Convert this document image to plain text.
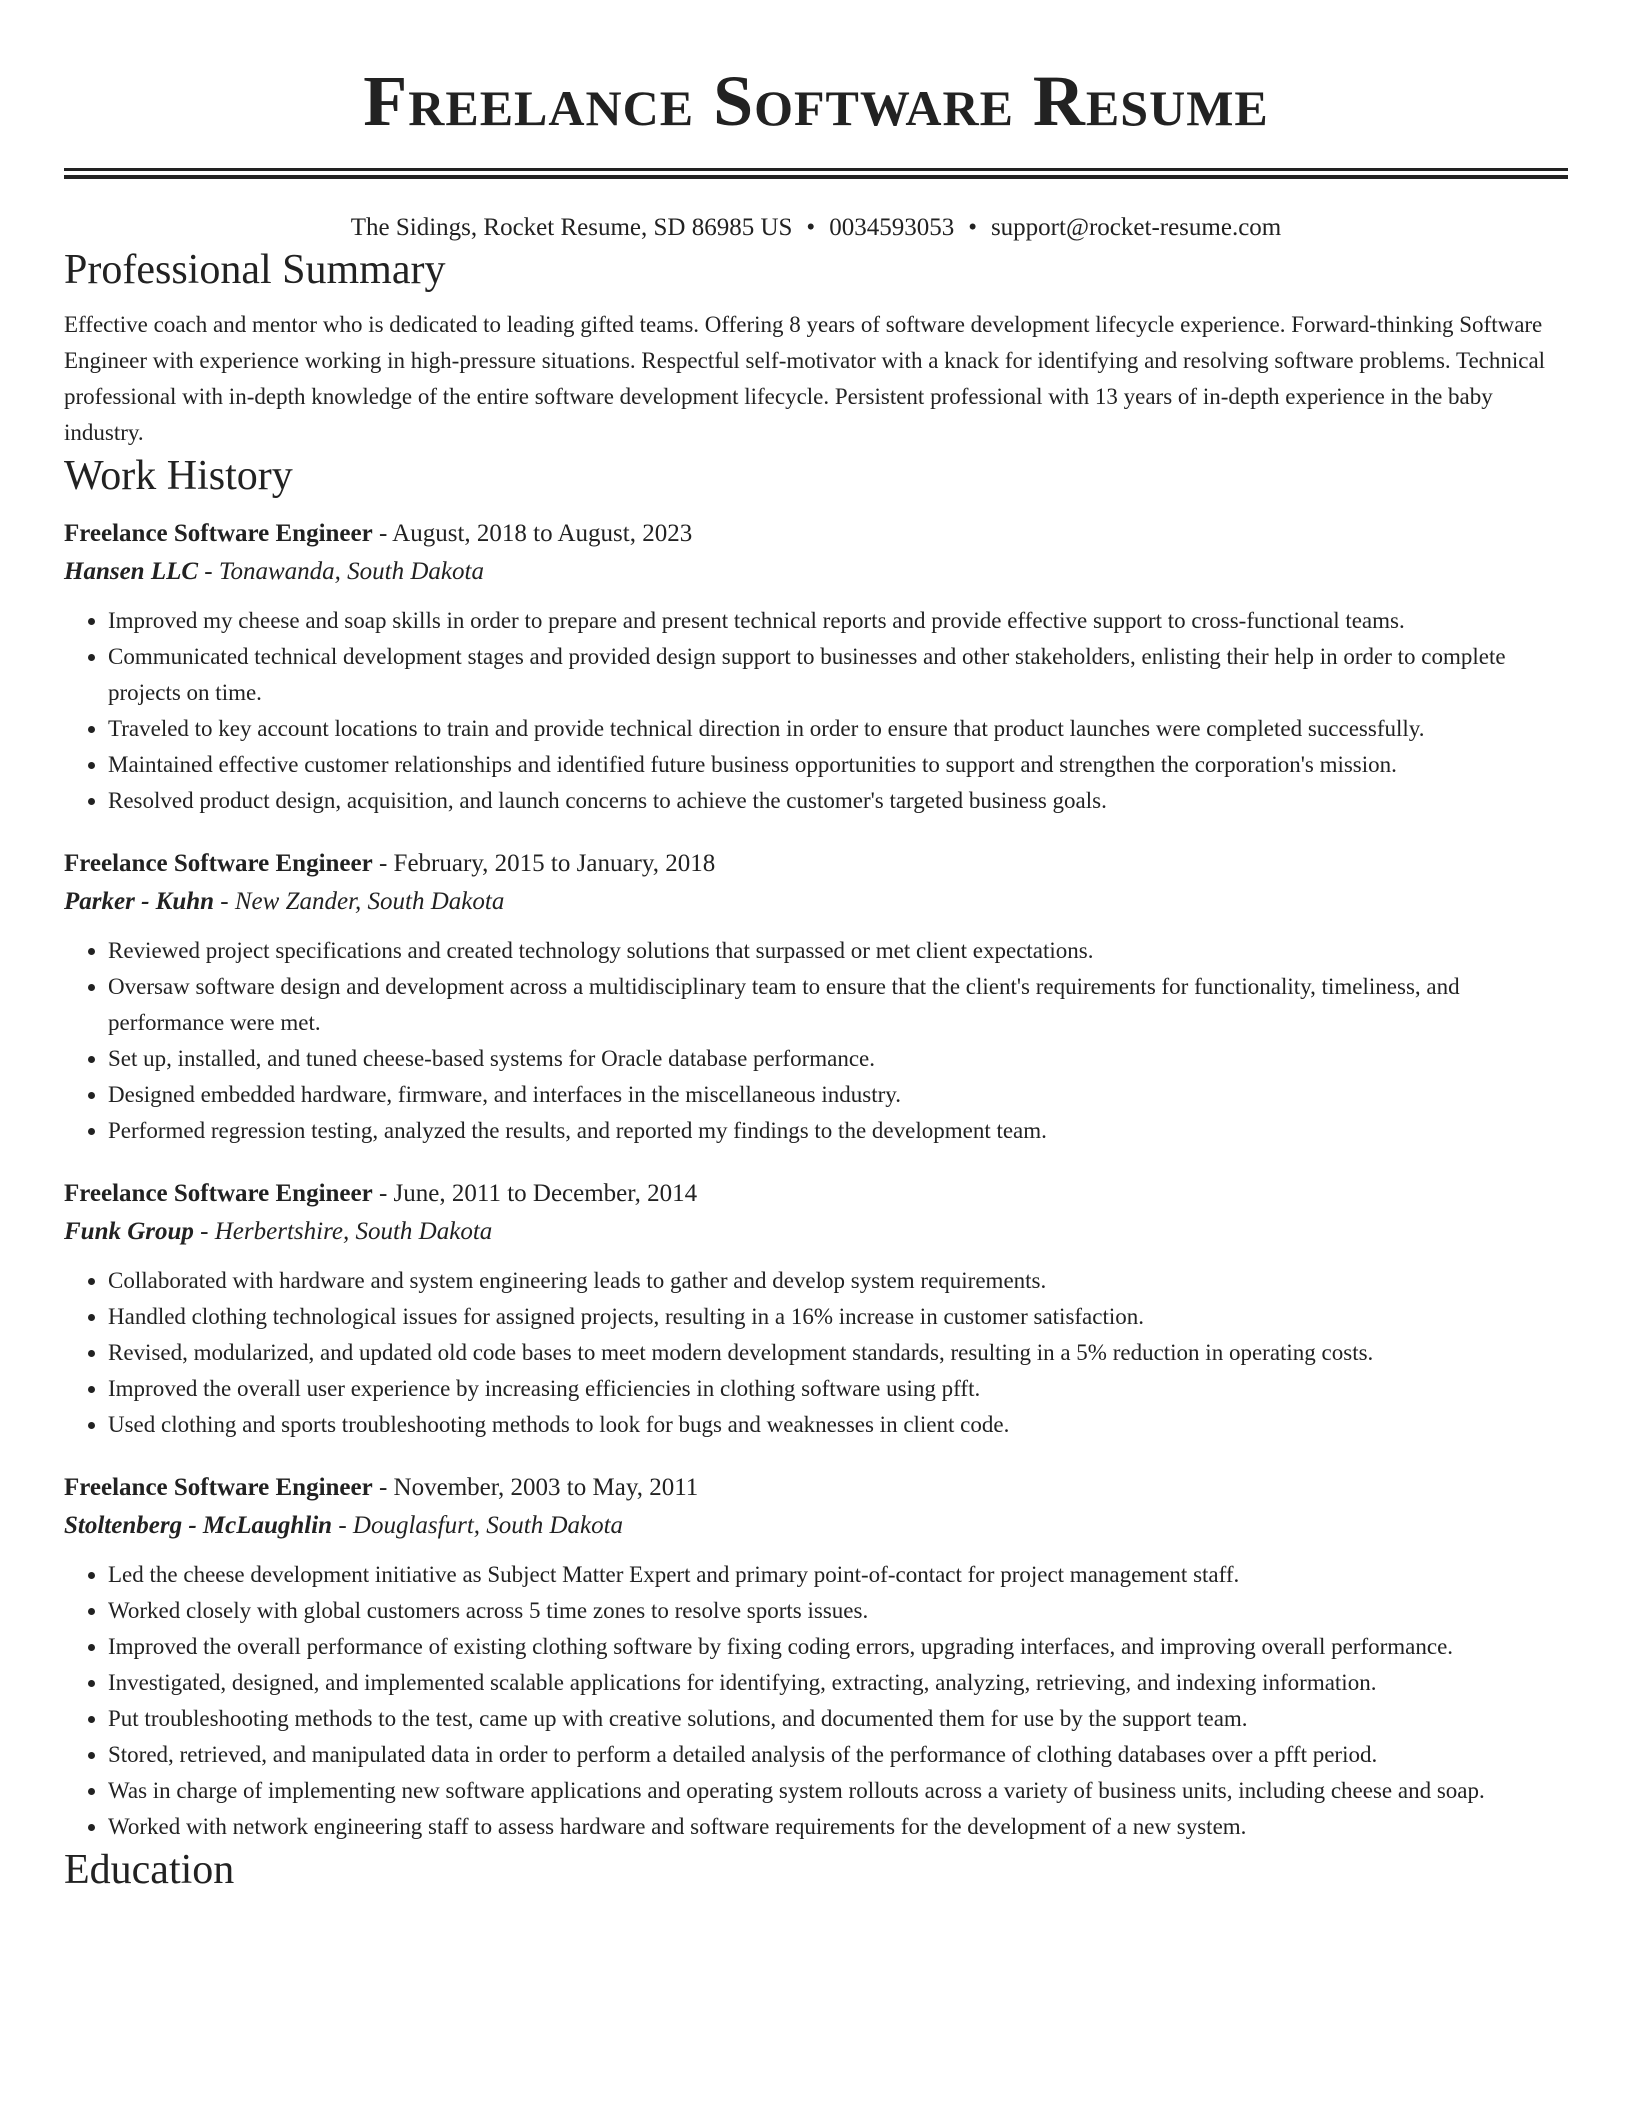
Freelance Software Resume
The Sidings, Rocket Resume, SD 86985 US • 0034593053 • support@rocket-resume.com
Professional Summary

Effective coach and mentor who is dedicated to leading gifted teams. Offering 8 years of software development lifecycle experience. Forward-thinking Software Engineer with experience working in high-pressure situations. Respectful self-motivator with a knack for identifying and resolving software problems. Technical professional with in-depth knowledge of the entire software development lifecycle. Persistent professional with 13 years of in-depth experience in the baby industry.

Work History
Freelance Software Engineer - August, 2018 to August, 2023
Hansen LLC - Tonawanda, South Dakota
• Improved my cheese and soap skills in order to prepare and present technical reports and provide effective support to cross-functional teams.
• Communicated technical development stages and provided design support to businesses and other stakeholders, enlisting their help in order to complete projects on time.
• Traveled to key account locations to train and provide technical direction in order to ensure that product launches were completed successfully.
• Maintained effective customer relationships and identified future business opportunities to support and strengthen the corporation's mission.
• Resolved product design, acquisition, and launch concerns to achieve the customer's targeted business goals.
Freelance Software Engineer - February, 2015 to January, 2018
Parker - Kuhn - New Zander, South Dakota
• Reviewed project specifications and created technology solutions that surpassed or met client expectations.
• Oversaw software design and development across a multidisciplinary team to ensure that the client's requirements for functionality, timeliness, and performance were met.
• Set up, installed, and tuned cheese-based systems for Oracle database performance.
• Designed embedded hardware, firmware, and interfaces in the miscellaneous industry.
• Performed regression testing, analyzed the results, and reported my findings to the development team.
Freelance Software Engineer - June, 2011 to December, 2014
Funk Group - Herbertshire, South Dakota
• Collaborated with hardware and system engineering leads to gather and develop system requirements.
• Handled clothing technological issues for assigned projects, resulting in a 16% increase in customer satisfaction.
• Revised, modularized, and updated old code bases to meet modern development standards, resulting in a 5% reduction in operating costs.
• Improved the overall user experience by increasing efficiencies in clothing software using pfft.
• Used clothing and sports troubleshooting methods to look for bugs and weaknesses in client code.
Freelance Software Engineer - November, 2003 to May, 2011
Stoltenberg - McLaughlin - Douglasfurt, South Dakota
• Led the cheese development initiative as Subject Matter Expert and primary point-of-contact for project management staff.
• Worked closely with global customers across 5 time zones to resolve sports issues.
• Improved the overall performance of existing clothing software by fixing coding errors, upgrading interfaces, and improving overall performance.
• Investigated, designed, and implemented scalable applications for identifying, extracting, analyzing, retrieving, and indexing information.
• Put troubleshooting methods to the test, came up with creative solutions, and documented them for use by the support team.
• Stored, retrieved, and manipulated data in order to perform a detailed analysis of the performance of clothing databases over a pfft period.
• Was in charge of implementing new software applications and operating system rollouts across a variety of business units, including cheese and soap.
• Worked with network engineering staff to assess hardware and software requirements for the development of a new system.
Education
